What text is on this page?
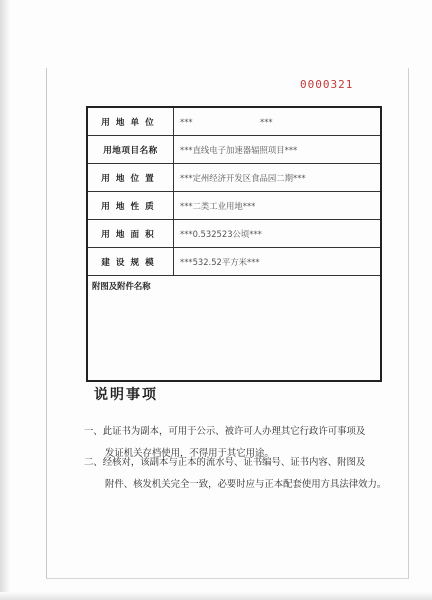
0000321
用地单位	*** ***
用地项目名称	***直线电子加速器辐照项目***
用地位置	***定州经济开发区食品园二期***
用地性质	***二类工业用地***
用地面积	***0.532523公顷***
建设规模	***532.52平方米***
附图及附件名称	
说明事项
一、此证书为副本，可用于公示、被许可人办理其它行政许可事项及
发证机关存档使用，不得用于其它用途。
二、经核对，该副本与正本的流水号、证书编号、证书内容、附图及
附件、核发机关完全一致，必要时应与正本配套使用方具法律效力。
